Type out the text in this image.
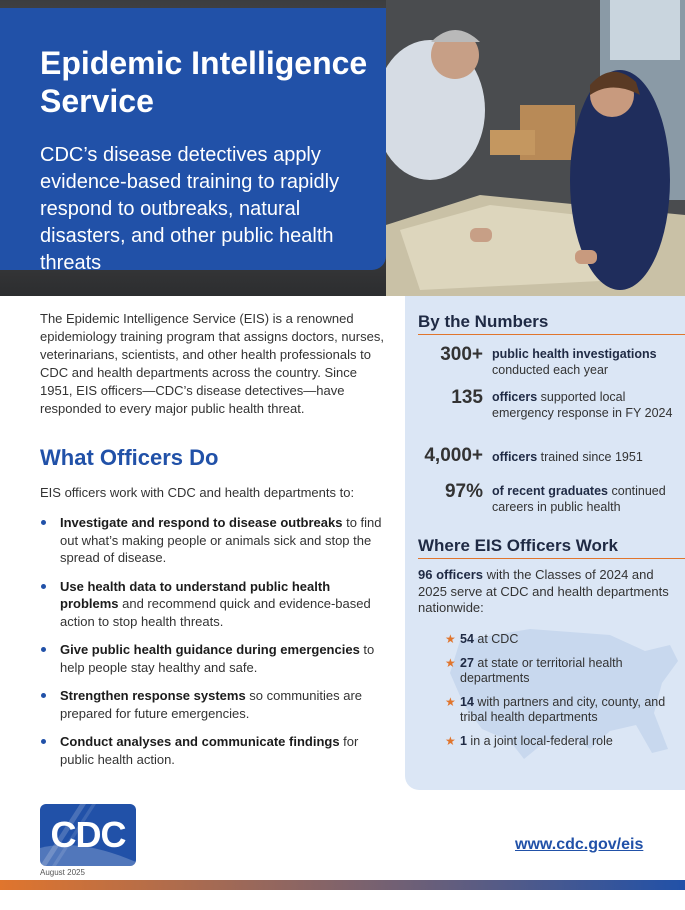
Epidemic Intelligence Service

CDC’s disease detectives apply evidence-based training to rapidly respond to outbreaks, natural disasters, and other public health threats

The Epidemic Intelligence Service (EIS) is a renowned epidemiology training program that assigns doctors, nurses, veterinarians, scientists, and other health professionals to CDC and health departments across the country. Since 1951, EIS officers—CDC’s disease detectives—have responded to every major public health threat.

What Officers Do

EIS officers work with CDC and health departments to:

Investigate and respond to disease outbreaks to find out what’s making people or animals sick and stop the spread of disease.
Use health data to understand public health problems and recommend quick and evidence-based action to stop health threats.
Give public health guidance during emergencies to help people stay healthy and safe.
Strengthen response systems so communities are prepared for future emergencies.
Conduct analyses and communicate findings for public health action.
By the Numbers
300+ public health investigations conducted each year

135 officers supported local emergency response in FY 2024

4,000+ officers trained since 1951

97% of recent graduates continued careers in public health

Where EIS Officers Work

96 officers with the Classes of 2024 and 2025 serve at CDC and health departments nationwide:

★ 54 at CDC
★ 27 at state or territorial health departments
★ 14 with partners and city, county, and tribal health departments
★ 1 in a joint local-federal role
CDC
August 2025
www.cdc.gov/eis
